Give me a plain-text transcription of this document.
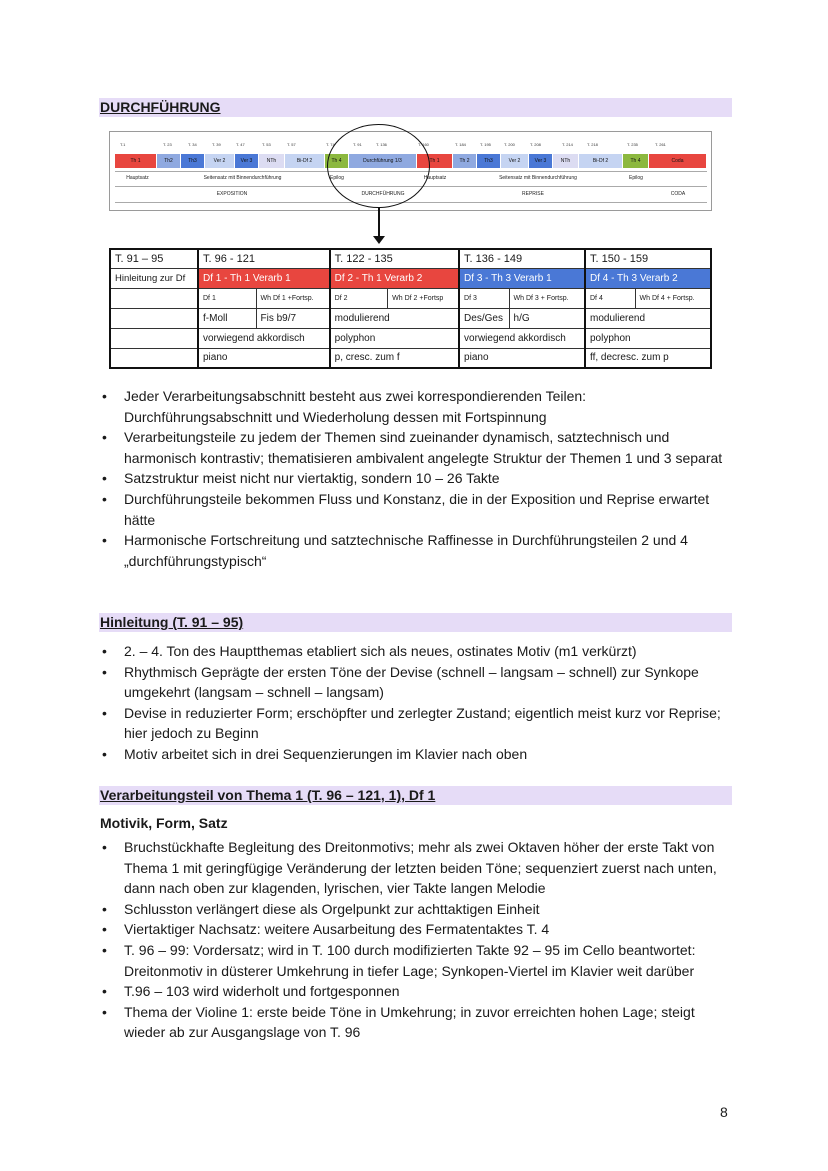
DURCHFÜHRUNG
T.1	T. 23	T. 34	T. 39	T. 47	T. 53	T. 57	T. 74	T. 91	T. 136	T. 160	T. 184	T. 195	T. 200	T. 208	T. 214	T. 218	T. 235	T. 261
Th 1	Th2	Th3	Ver 2	Ver 3	NTh	Bi-Df 2	Th 4	Durchführung 1/3	Th 1	Th 2	Th3	Ver 2	Ver 3	NTh	Bi-Df 2	Th 4	Coda
Hauptsatz	Seitensatz mit Binnendurchführung	Epilog	Hauptsatz	Seitensatz mit Binnendurchführung	Epilog
EXPOSITION	DURCHFÜHRUNG	REPRISE	CODA
T. 91 – 95	T. 96 - 121		T. 122 - 135		T. 136 - 149		T. 150 - 159	
Hinleitung zur Df	Df 1 - Th 1 Verarb 1		Df 2 - Th 1 Verarb 2		Df 3 - Th 3 Verarb 1		Df 4 - Th 3 Verarb 2	
	Df 1	Wh Df 1 +Fortsp.	Df 2	Wh Df 2 +Fortsp	Df 3	Wh Df 3 + Fortsp.	Df 4	Wh Df 4 + Fortsp.
	f-Moll	Fis b9/7	modulierend		Des/Ges	h/G	modulierend	
	vorwiegend akkordisch		polyphon		vorwiegend akkordisch		polyphon	
	piano		p, cresc. zum f		piano		ff, decresc. zum p	
• Jeder Verarbeitungsabschnitt besteht aus zwei korrespondierenden Teilen: Durchführungsabschnitt und Wiederholung dessen mit Fortspinnung
• Verarbeitungsteile zu jedem der Themen sind zueinander dynamisch, satztechnisch und harmonisch kontrastiv; thematisieren ambivalent angelegte Struktur der Themen 1 und 3 separat
• Satzstruktur meist nicht nur viertaktig, sondern 10 – 26 Takte
• Durchführungsteile bekommen Fluss und Konstanz, die in der Exposition und Reprise erwartet hätte
• Harmonische Fortschreitung und satztechnische Raffinesse in Durchführungsteilen 2 und 4 „durchführungstypisch“
Hinleitung (T. 91 – 95)
• 2. – 4. Ton des Hauptthemas etabliert sich als neues, ostinates Motiv (m1 verkürzt)
• Rhythmisch Geprägte der ersten Töne der Devise (schnell – langsam – schnell) zur Synkope umgekehrt (langsam – schnell – langsam)
• Devise in reduzierter Form; erschöpfter und zerlegter Zustand; eigentlich meist kurz vor Reprise; hier jedoch zu Beginn
• Motiv arbeitet sich in drei Sequenzierungen im Klavier nach oben
Verarbeitungsteil von Thema 1 (T. 96 – 121, 1), Df 1
Motivik, Form, Satz
• Bruchstückhafte Begleitung des Dreitonmotivs; mehr als zwei Oktaven höher der erste Takt von Thema 1 mit geringfügige Veränderung der letzten beiden Töne; sequenziert zuerst nach unten, dann nach oben zur klagenden, lyrischen, vier Takte langen Melodie
• Schlusston verlängert diese als Orgelpunkt zur achttaktigen Einheit
• Viertaktiger Nachsatz: weitere Ausarbeitung des Fermatentaktes T. 4
• T. 96 – 99: Vordersatz; wird in T. 100 durch modifizierten Takte 92 – 95 im Cello beantwortet: Dreitonmotiv in düsterer Umkehrung in tiefer Lage; Synkopen-Viertel im Klavier weit darüber
• T.96 – 103 wird widerholt und fortgesponnen
• Thema der Violine 1: erste beide Töne in Umkehrung; in zuvor erreichten hohen Lage; steigt wieder ab zur Ausgangslage von T. 96
8
